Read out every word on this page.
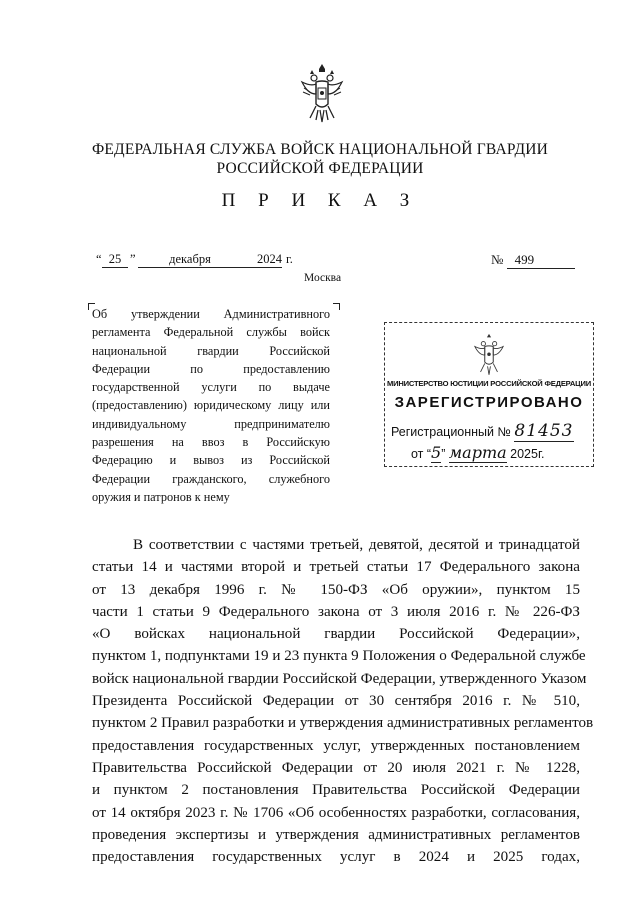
ФЕДЕРАЛЬНАЯ СЛУЖБА ВОЙСК НАЦИОНАЛЬНОЙ ГВАРДИИ
РОССИЙСКОЙ ФЕДЕРАЦИИ
П Р И К А З
“ 25 ”	декабря	2024 г.
Москва
№ 499
Об утверждении Административного
регламента Федеральной службы войск
национальной гвардии Российской
Федерации по предоставлению
государственной услуги по выдаче
(предоставлению) юридическому лицу или
индивидуальному предпринимателю
разрешения на ввоз в Российскую
Федерацию и вывоз из Российской
Федерации гражданского, служебного
оружия и патронов к нему
МИНИСТЕРСТВО ЮСТИЦИИ РОССИЙСКОЙ ФЕДЕРАЦИИ
ЗАРЕГИСТРИРОВАНО
Регистрационный № 81453
от “5” марта 2025г.
В соответствии с частями третьей, девятой, десятой и тринадцатой
статьи 14 и частями второй и третьей статьи 17 Федерального закона
от 13 декабря 1996 г. № 150-ФЗ «Об оружии», пунктом 15
части 1 статьи 9 Федерального закона от 3 июля 2016 г. № 226-ФЗ
«О войсках национальной гвардии Российской Федерации»,
пунктом 1, подпунктами 19 и 23 пункта 9 Положения о Федеральной службе
войск национальной гвардии Российской Федерации, утвержденного Указом
Президента Российской Федерации от 30 сентября 2016 г. № 510,
пунктом 2 Правил разработки и утверждения административных регламентов
предоставления государственных услуг, утвержденных постановлением
Правительства Российской Федерации от 20 июля 2021 г. № 1228,
и пунктом 2 постановления Правительства Российской Федерации
от 14 октября 2023 г. № 1706 «Об особенностях разработки, согласования,
проведения экспертизы и утверждения административных регламентов
предоставления государственных услуг в 2024 и 2025 годах,
